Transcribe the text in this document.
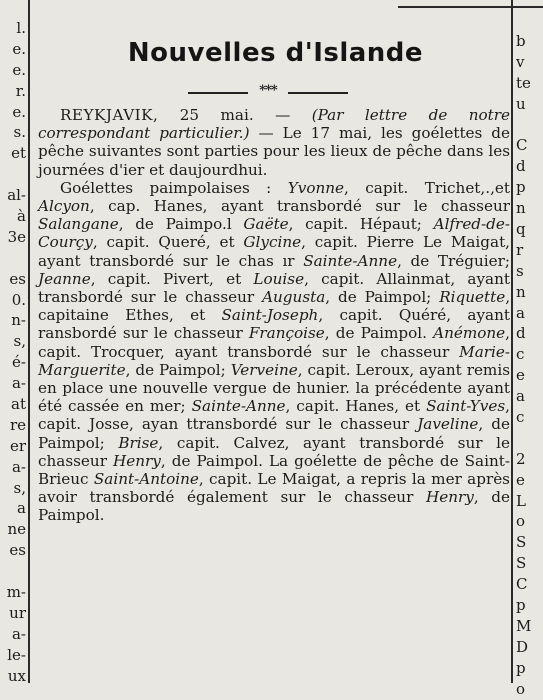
l.
e.
e.
r.
e.
s.
et
al-
à
3e
es
0.
n-
s,
é-
a-
at
re
er
a-
s,
a
ne
es
m-
ur
a-
le-
ux
b
v
te
u
C
d
p
n
q
r
s
n
a
d
c
e
a
c
2
e
L
o
S
S
C
p
M
D
p
o
Nouvelles d'Islande
***

REYKJAVIK, 25 mai. — (Par lettre de notre correspondant particulier.) — Le 17 mai, les goélettes de pêche suivantes sont parties pour les lieux de pêche dans les journées d'ier et daujourdhui.

Goélettes paimpolaises : Yvonne, capit. Trichet,.,et Alcyon, cap. Hanes, ayant transbordé sur le chasseur Salangane, de Paimpo.l Gaëte, capit. Hépaut; Alfred-de-Courçy, capit. Queré, et Glycine, capit. Pierre Le Maigat, ayant transbordé sur le chas ır Sainte-Anne, de Tréguier; Jeanne, capit. Pivert, et Louise, capit. Allainmat, ayant transbordé sur le chasseur Augusta, de Paimpol; Riquette, capitaine Ethes, et Saint-Joseph, capit. Quéré, ayant ransbordé sur le chasseur Françoise, de Paimpol. Anémone, capit. Trocquer, ayant transbordé sur le chasseur Marie-Marguerite, de Paimpol; Verveine, capit. Leroux, ayant remis en place une nouvelle vergue de hunier. la précédente ayant été cassée en mer; Sainte-Anne, capit. Hanes, et Saint-Yves, capit. Josse, ayan ttransbordé sur le chasseur Javeline, de Paimpol; Brise, capit. Calvez, ayant transbordé sur le chasseur Henry, de Paimpol. La goélette de pêche de Saint-Brieuc Saint-Antoine, capit. Le Maigat, a repris la mer après avoir transbordé également sur le chasseur Henry, de Paimpol.
